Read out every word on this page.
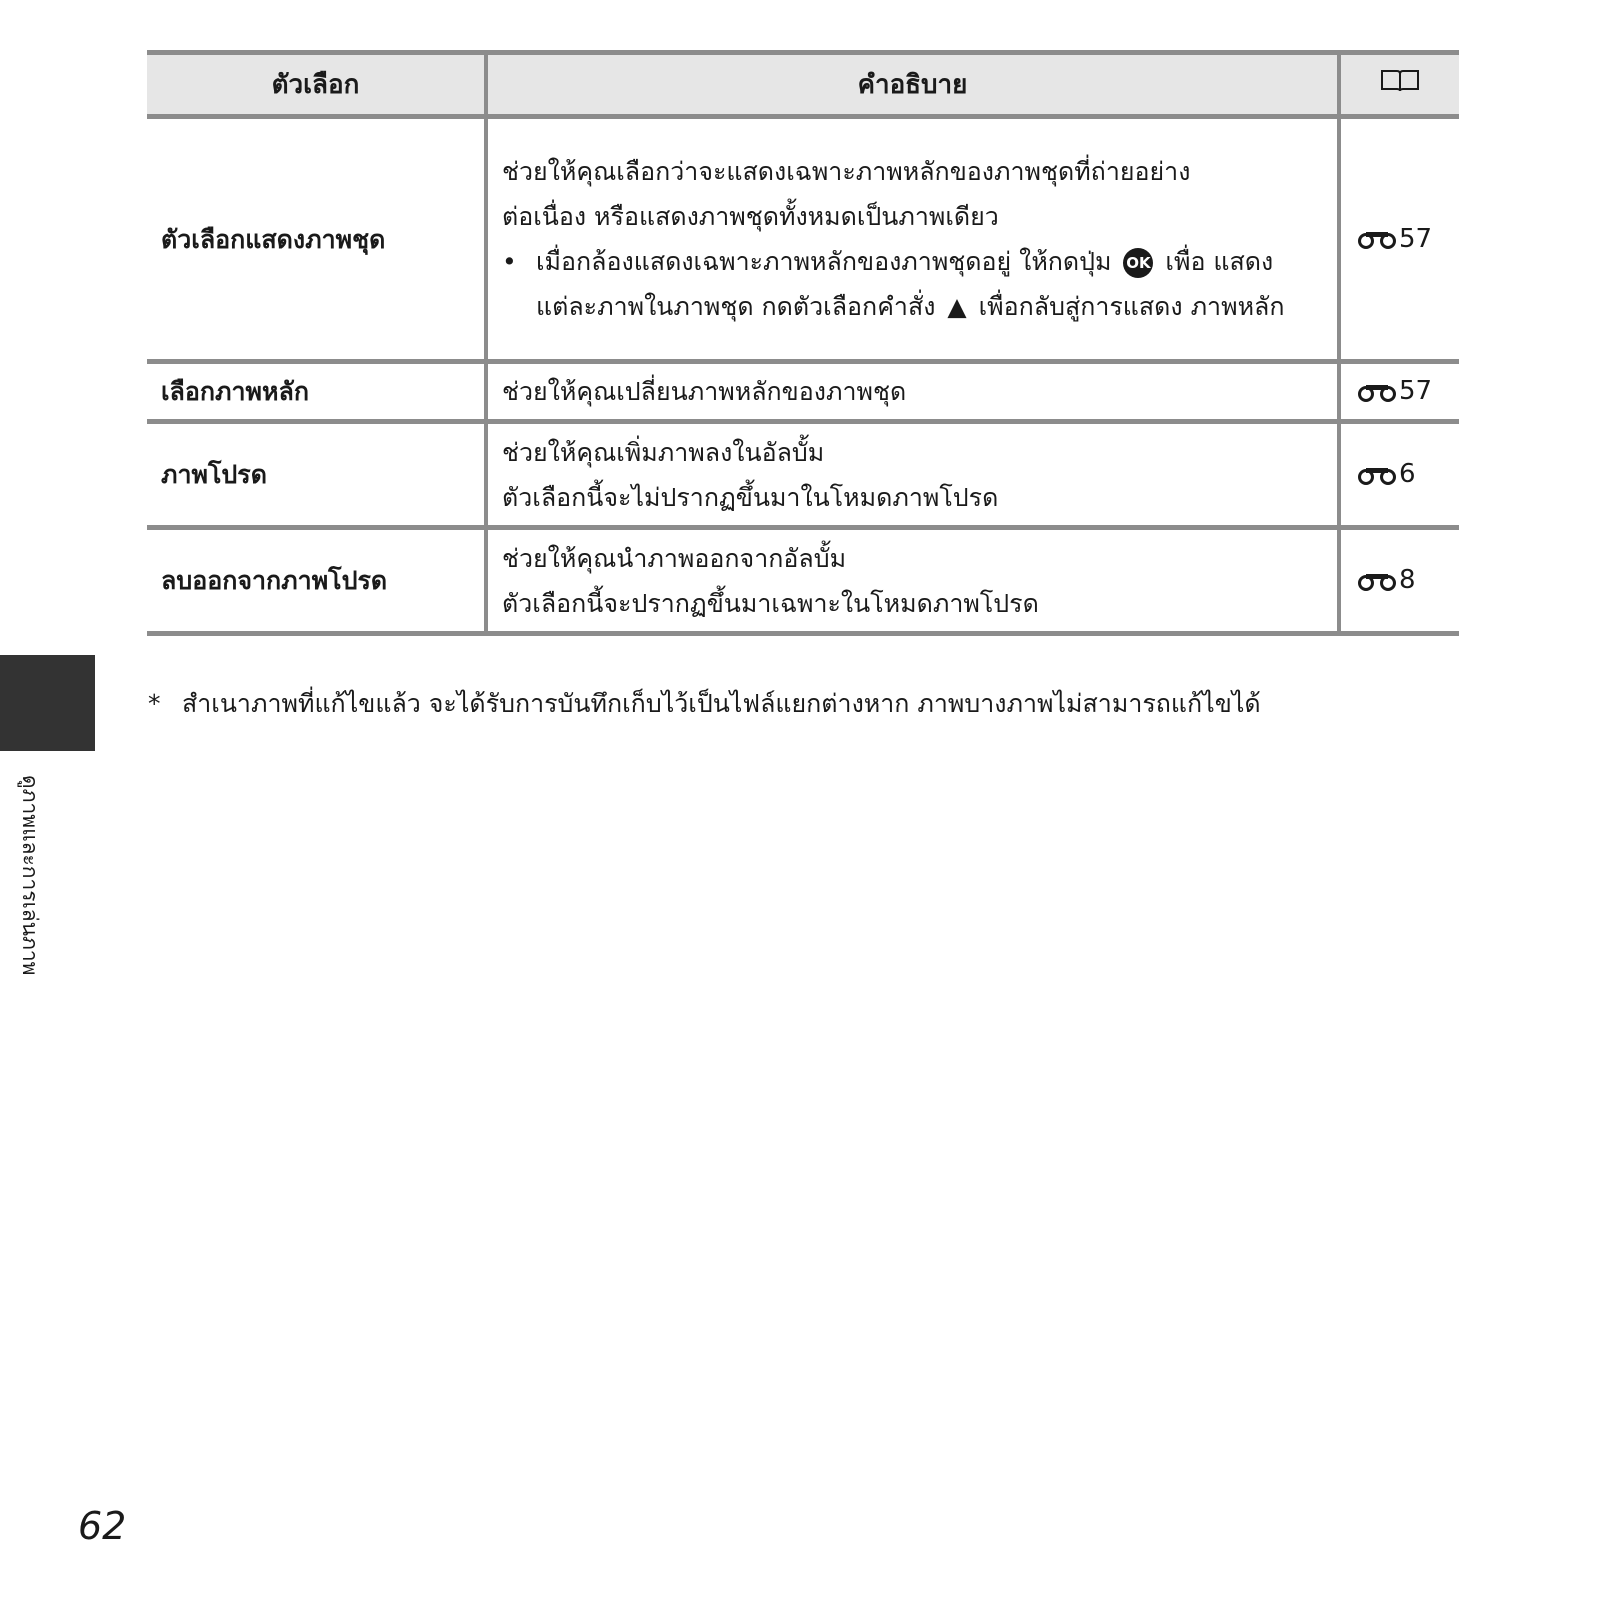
ตัวเลือก	คำอธิบาย	
ตัวเลือกแสดงภาพชุด	ช่วยให้คุณเลือกว่าจะแสดงเฉพาะภาพหลักของภาพชุดที่ถ่ายอย่าง
ต่อเนื่อง หรือแสดงภาพชุดทั้งหมดเป็นภาพเดียว
• เมื่อกล้องแสดงเฉพาะภาพหลักของภาพชุดอยู่ ให้กดปุ่ม OK เพื่อ แสดงแต่ละภาพในภาพชุด กดตัวเลือกคำสั่ง ▲ เพื่อกลับสู่การแสดง ภาพหลัก	57
เลือกภาพหลัก	ช่วยให้คุณเปลี่ยนภาพหลักของภาพชุด	57
ภาพโปรด	ช่วยให้คุณเพิ่มภาพลงในอัลบั้ม
ตัวเลือกนี้จะไม่ปรากฏขึ้นมาในโหมดภาพโปรด	6
ลบออกจากภาพโปรด	ช่วยให้คุณนำภาพออกจากอัลบั้ม
ตัวเลือกนี้จะปรากฏขึ้นมาเฉพาะในโหมดภาพโปรด	8
* สำเนาภาพที่แก้ไขแล้ว จะได้รับการบันทึกเก็บไว้เป็นไฟล์แยกต่างหาก ภาพบางภาพไม่สามารถแก้ไขได้
ดูภาพและการเล่นภาพ
62
